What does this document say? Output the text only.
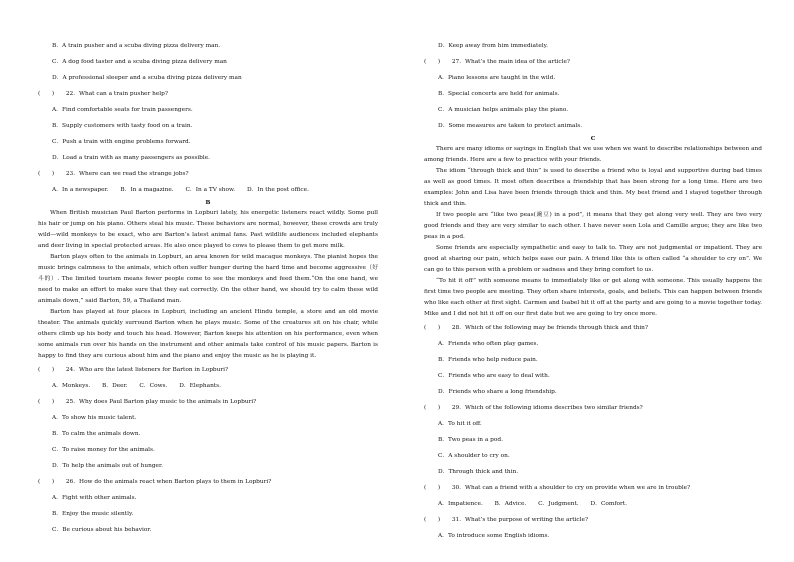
B．A train pusher and a scuba diving pizza delivery man.
C．A dog food taster and a scuba diving pizza delivery man
D．A professional sleeper and a scuba diving pizza delivery man
(　　) 22．What can a train pusher help?
A．Find comfortable seats for train passengers.
B．Supply customers with tasty food on a train.
C．Push a train with engine problems forward.
D．Load a train with as many passengers as possible.
(　　) 23．Where can we read the strange jobs?
A．In a newspaper. B．In a magazine. C．In a TV show. D．In the post office.
B

When British musician Paul Barton performs in Lopburi lately, his energetic listeners react wildly. Some pull his hair or jump on his piano. Others steal his music. These behaviors are normal, however, these crowds are truly wild—wild monkeys to be exact, who are Barton’s latest animal fans. Past wildlife audiences included elephants and deer living in special protected areas. He also once played to cows to please them to get more milk.

Barton plays often to the animals in Lopburi, an area known for wild macaque monkeys. The pianist hopes the music brings calmness to the animals, which often suffer hunger during the hard time and become aggressive（好斗的）. The limited tourism means fewer people come to see the monkeys and feed them.“On the one hand, we need to make an effort to make sure that they eat correctly. On the other hand, we should try to calm these wild animals down,” said Barton, 59, a Thailand man.

Barton has played at four places in Lopburi, including an ancient Hindu temple, a store and an old movie theater. The animals quickly surround Barton when he plays music. Some of the creatures sit on his chair, while others climb up his body and touch his head. However, Barton keeps his attention on his performance, even when some animals run over his hands on the instrument and other animals take control of his music papers. Barton is happy to find they are curious about him and the piano and enjoy the music as he is playing it.

(　　) 24．Who are the latest listeners for Barton in Lopburi?
A．Monkeys. B．Deer. C．Cows. D．Elephants.
(　　) 25．Why does Paul Barton play music to the animals in Lopburi?
A．To show his music talent.
B．To calm the animals down.
C．To raise money for the animals.
D．To help the animals out of hunger.
(　　) 26．How do the animals react when Barton plays to them in Lopburi?
A．Fight with other animals.
B．Enjoy the music silently.
C．Be curious about his behavior.
D．Keep away from him immediately.
(　　) 27．What’s the main idea of the article?
A．Piano lessons are taught in the wild.
B．Special concerts are held for animals.
C．A musician helps animals play the piano.
D．Some measures are taken to protect animals.
C

There are many idioms or sayings in English that we use when we want to describe relationships between and among friends. Here are a few to practice with your friends.

The idiom “through thick and thin” is used to describe a friend who is loyal and supportive during bad times as well as good times. It most often describes a friendship that has been strong for a long time. Here are two examples: John and Lisa have been friends through thick and thin. My best friend and I stayed together through thick and thin.

If two people are “like two peas(豌豆) in a pod”, it means that they get along very well. They are two very good friends and they are very similar to each other. I have never seen Lola and Camille argue; they are like two peas in a pod.

Some friends are especially sympathetic and easy to talk to. They are not judgmental or impatient. They are good at sharing our pain, which helps ease our pain. A friend like this is often called “a shoulder to cry on”. We can go to this person with a problem or sadness and they bring comfort to us.

“To hit it off” with someone means to immediately like or get along with someone. This usually happens the first time two people are meeting. They often share interests, goals, and beliefs. This can happen between friends who like each other at first sight. Carmen and Isabel hit it off at the party and are going to a movie together today. Mike and I did not hit it off on our first date but we are going to try once more.

(　　) 28．Which of the following may be friends through thick and thin?
A．Friends who often play games.
B．Friends who help reduce pain.
C．Friends who are easy to deal with.
D．Friends who share a long friendship.
(　　) 29．Which of the following idioms describes two similar friends?
A．To hit it off.
B．Two peas in a pod.
C．A shoulder to cry on.
D．Through thick and thin.
(　　) 30．What can a friend with a shoulder to cry on provide when we are in trouble?
A．Impatience. B．Advice. C．Judgment. D．Comfort.
(　　) 31．What’s the purpose of writing the article?
A．To introduce some English idioms.
